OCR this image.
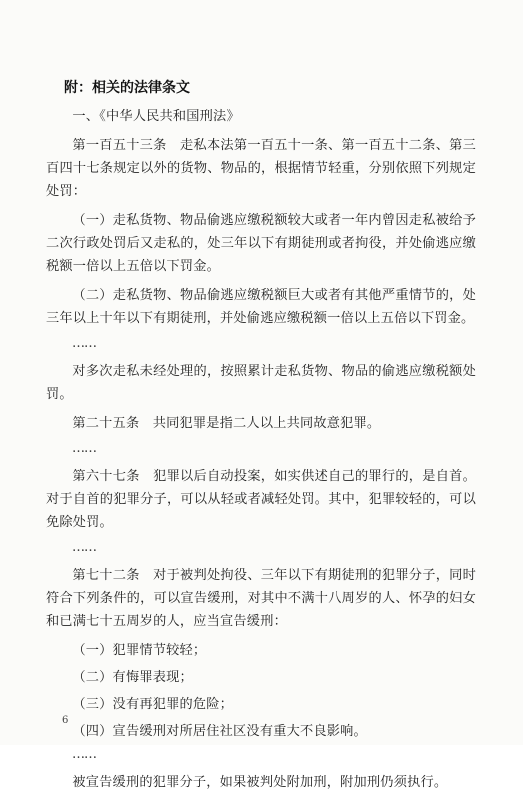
附：相关的法律条文
一、《中华人民共和国刑法》
第一百五十三条　走私本法第一百五十一条、第一百五十二条、第三百四十七条规定以外的货物、物品的，根据情节轻重，分别依照下列规定处罚：
（一）走私货物、物品偷逃应缴税额较大或者一年内曾因走私被给予二次行政处罚后又走私的，处三年以下有期徒刑或者拘役，并处偷逃应缴税额一倍以上五倍以下罚金。
（二）走私货物、物品偷逃应缴税额巨大或者有其他严重情节的，处三年以上十年以下有期徒刑，并处偷逃应缴税额一倍以上五倍以下罚金。
……
对多次走私未经处理的，按照累计走私货物、物品的偷逃应缴税额处罚。
第二十五条　共同犯罪是指二人以上共同故意犯罪。
……
第六十七条　犯罪以后自动投案，如实供述自己的罪行的，是自首。对于自首的犯罪分子，可以从轻或者减轻处罚。其中，犯罪较轻的，可以免除处罚。
……
第七十二条　对于被判处拘役、三年以下有期徒刑的犯罪分子，同时符合下列条件的，可以宣告缓刑，对其中不满十八周岁的人、怀孕的妇女和已满七十五周岁的人，应当宣告缓刑：
（一）犯罪情节较轻；
（二）有悔罪表现；
（三）没有再犯罪的危险；
（四）宣告缓刑对所居住社区没有重大不良影响。
……
被宣告缓刑的犯罪分子，如果被判处附加刑，附加刑仍须执行。
6
